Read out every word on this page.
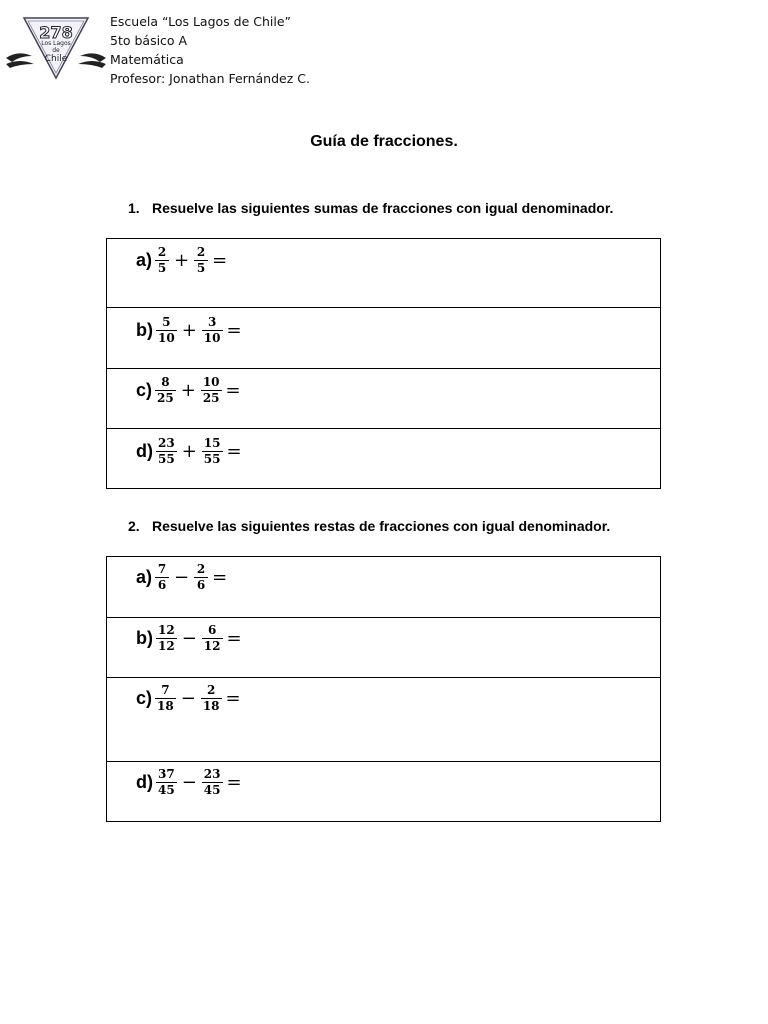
278
Los Lagos
de
Chile
Escuela “Los Lagos de Chile”
5to básico A
Matemática
Profesor: Jonathan Fernández C.
Guía de fracciones.
1. Resuelve las siguientes sumas de fracciones con igual denominador.
$a) \frac{2}{5} + \frac{2}{5}$ =
$b) \frac{5}{10} + \frac{3}{10}$ =
$c) \frac{8}{25} + \frac{10}{25}$ =
$d) \frac{23}{55} + \frac{15}{55}$ =
2. Resuelve las siguientes restas de fracciones con igual denominador.
$a) \frac{7}{6} - \frac{2}{6}$ =
$b) \frac{12}{12} - \frac{6}{12}$ =
$c) \frac{7}{18} - \frac{2}{18}$ =
$d) \frac{37}{45} - \frac{23}{45}$ =
